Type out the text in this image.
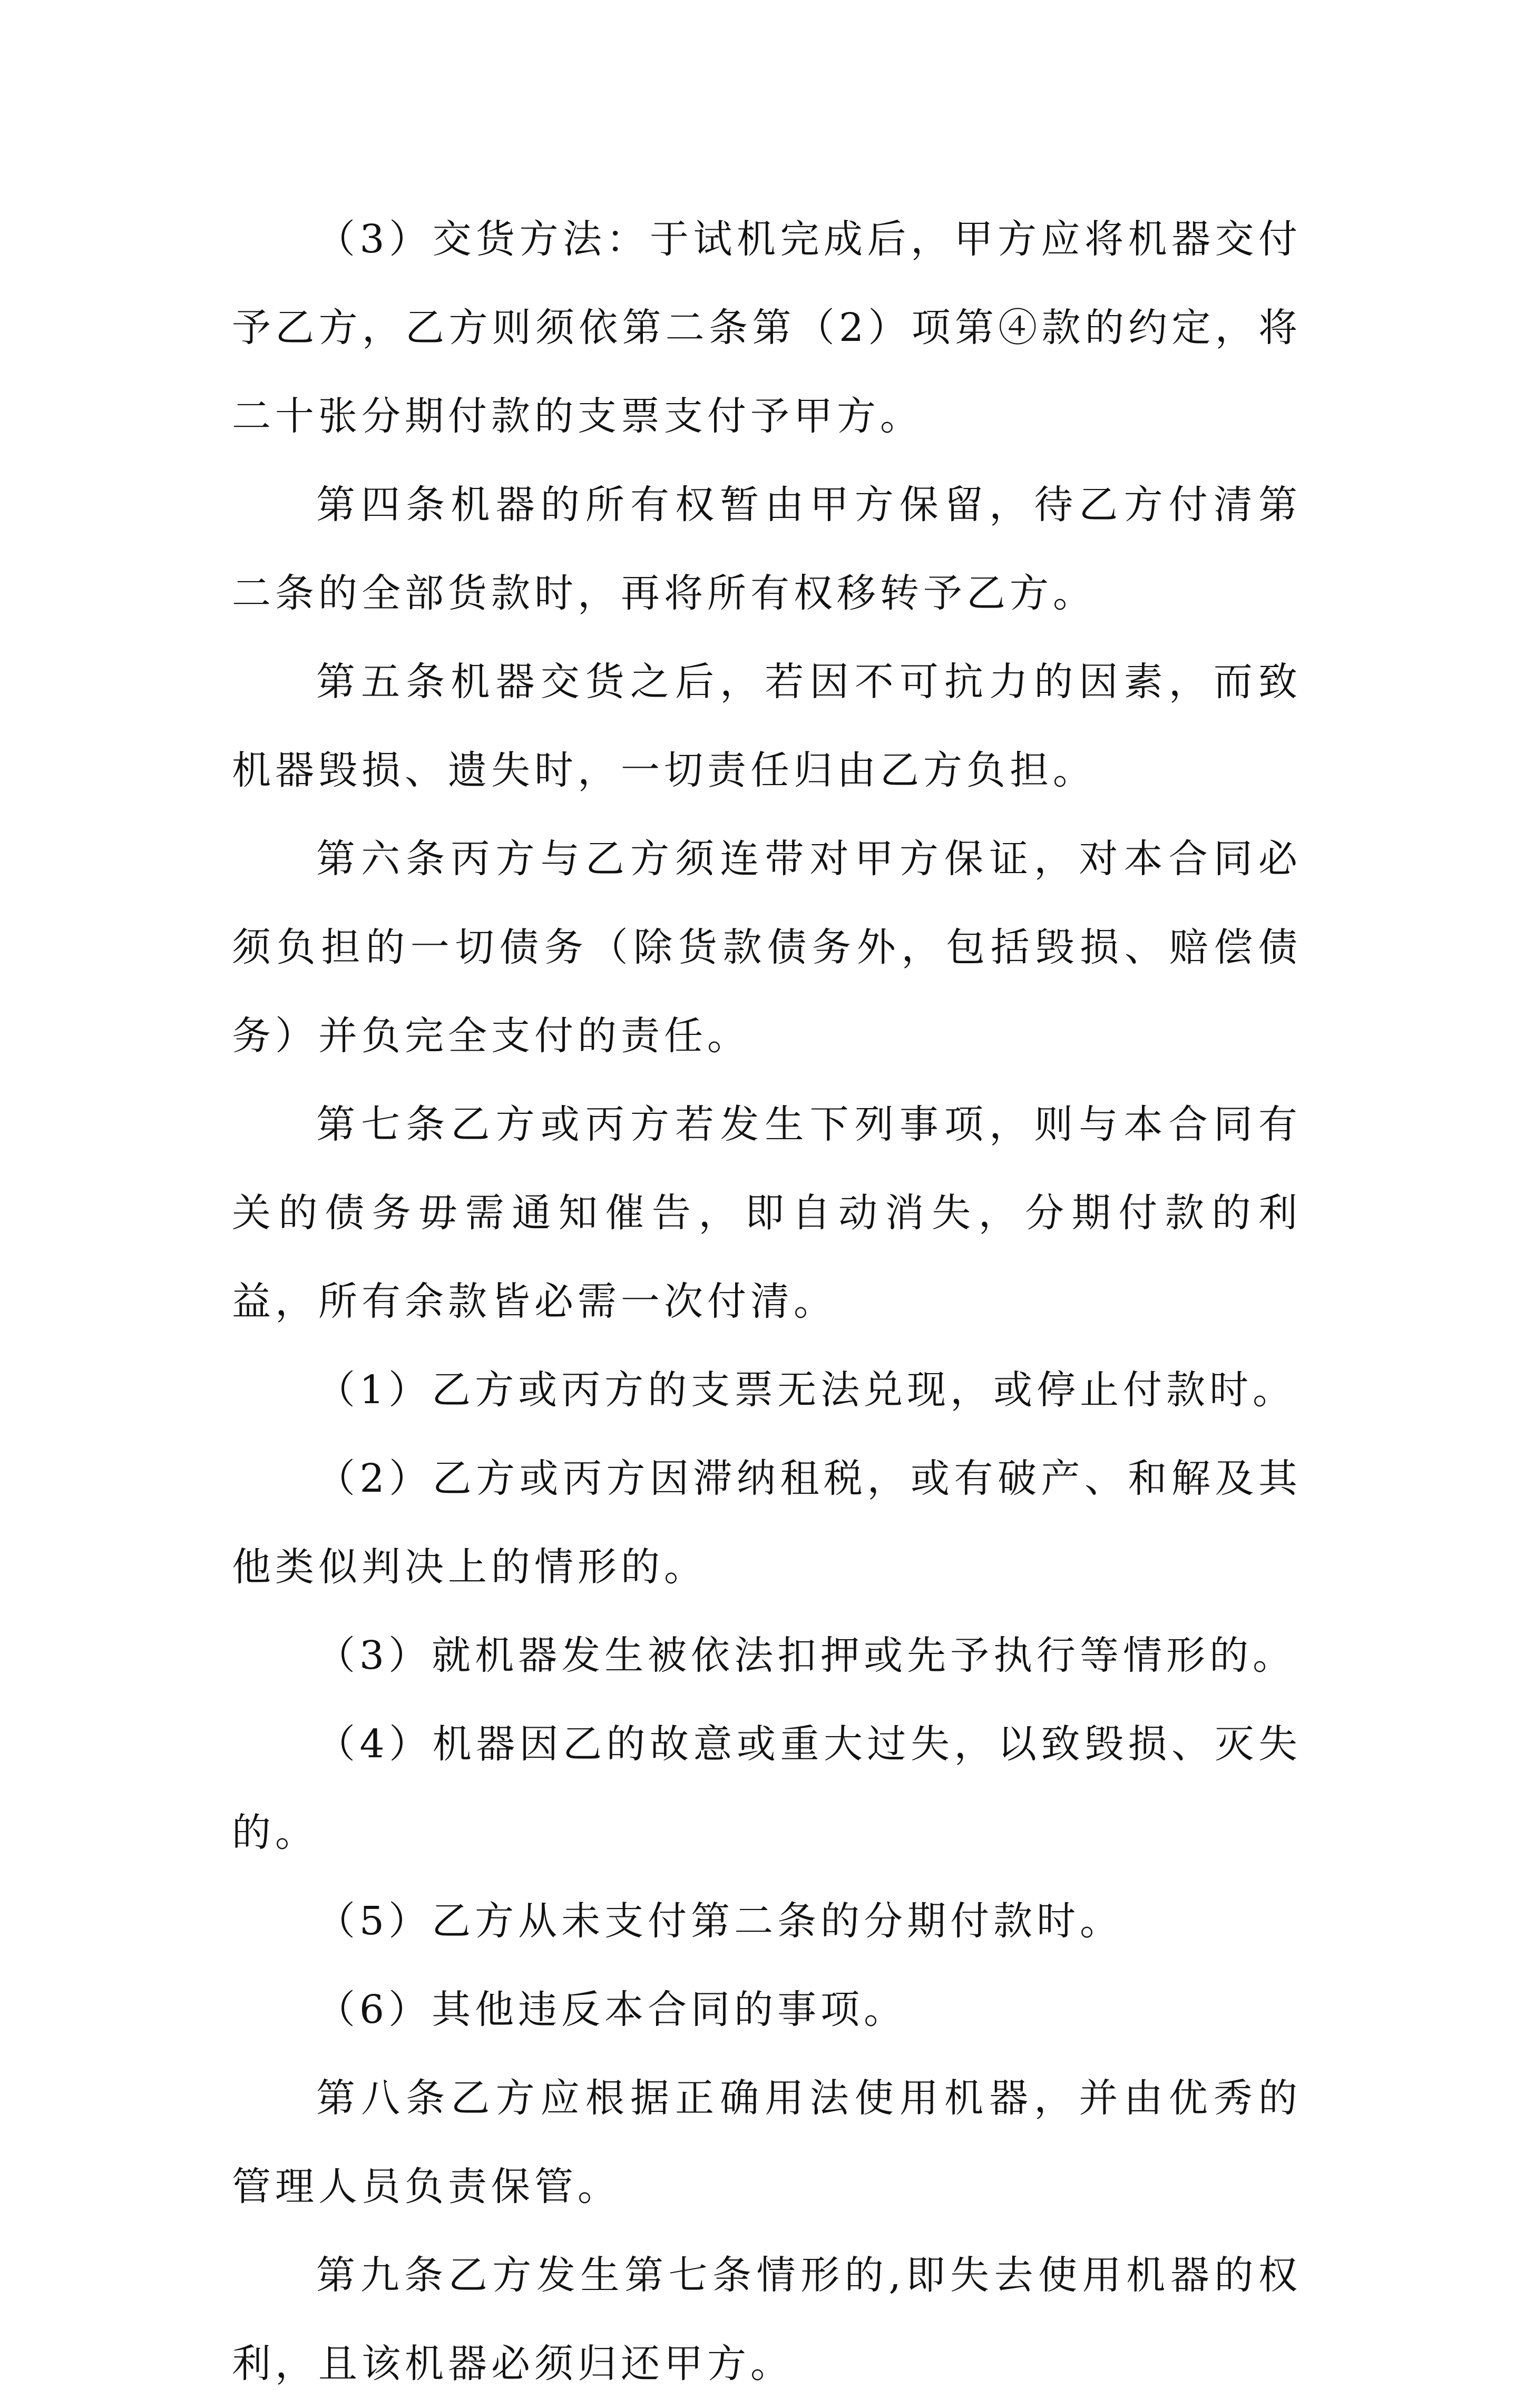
（3）交货方法：于试机完成后，甲方应将机器交付予乙方，乙方则须依第二条第（2）项第④款的约定，将二十张分期付款的支票支付予甲方。

第四条机器的所有权暂由甲方保留，待乙方付清第二条的全部货款时，再将所有权移转予乙方。

第五条机器交货之后，若因不可抗力的因素，而致机器毁损、遗失时，一切责任归由乙方负担。

第六条丙方与乙方须连带对甲方保证，对本合同必须负担的一切债务（除货款债务外，包括毁损、赔偿债务）并负完全支付的责任。

第七条乙方或丙方若发生下列事项，则与本合同有关的债务毋需通知催告，即自动消失，分期付款的利益，所有余款皆必需一次付清。

（1）乙方或丙方的支票无法兑现，或停止付款时。

（2）乙方或丙方因滞纳租税，或有破产、和解及其他类似判决上的情形的。

（3）就机器发生被依法扣押或先予执行等情形的。

（4）机器因乙的故意或重大过失，以致毁损、灭失的。

（5）乙方从未支付第二条的分期付款时。

（6）其他违反本合同的事项。

第八条乙方应根据正确用法使用机器，并由优秀的管理人员负责保管。

第九条乙方发生第七条情形的,即失去使用机器的权利，且该机器必须归还甲方。
